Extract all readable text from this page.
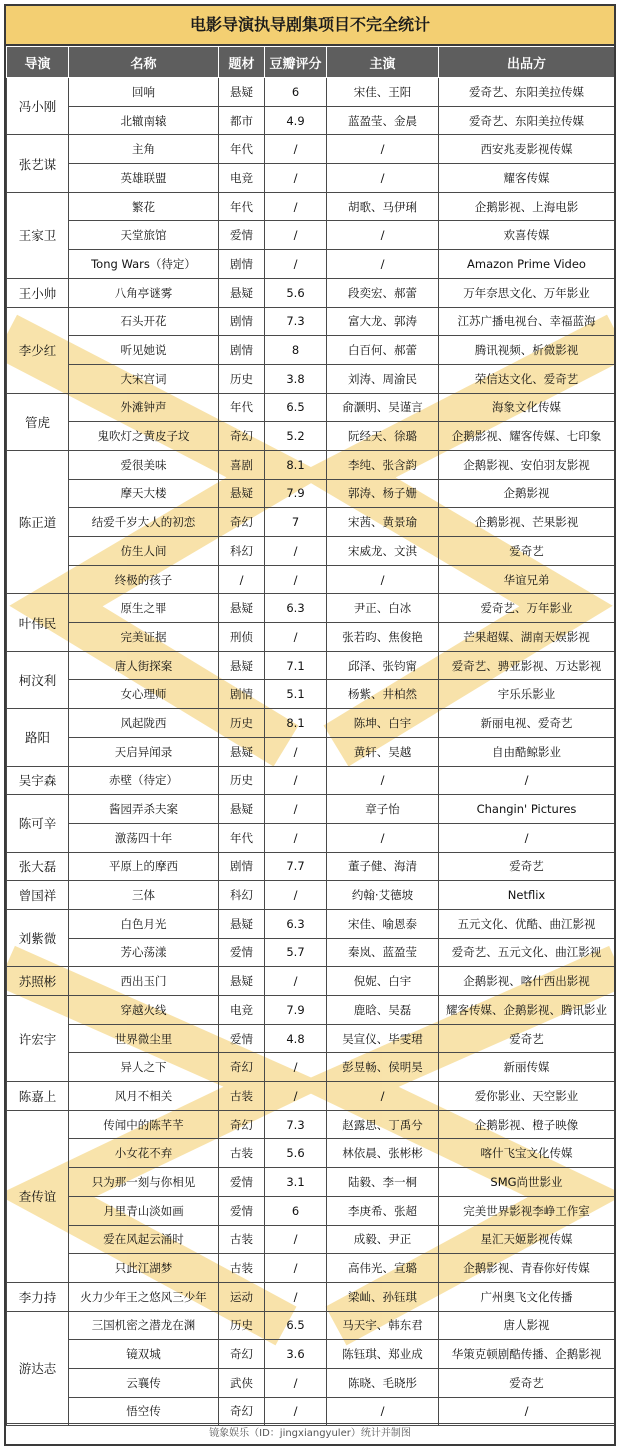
电影导演执导剧集项目不完全统计
导演	名称	题材	豆瓣评分	主演	出品方
冯小刚	回响	悬疑	6	宋佳、王阳	爱奇艺、东阳美拉传媒
	北辙南辕	都市	4.9	蓝盈莹、金晨	爱奇艺、东阳美拉传媒
张艺谋	主角	年代	/	/	西安兆麦影视传媒
	英雄联盟	电竞	/	/	耀客传媒
王家卫	繁花	年代	/	胡歌、马伊琍	企鹅影视、上海电影
	天堂旅馆	爱情	/	/	欢喜传媒
	Tong Wars（待定）	剧情	/	/	Amazon Prime Video
王小帅	八角亭谜雾	悬疑	5.6	段奕宏、郝蕾	万年奈思文化、万年影业
李少红	石头开花	剧情	7.3	富大龙、郭涛	江苏广播电视台、幸福蓝海
	听见她说	剧情	8	白百何、郝蕾	腾讯视频、析微影视
	大宋宫词	历史	3.8	刘涛、周渝民	荣信达文化、爱奇艺
管虎	外滩钟声	年代	6.5	俞灏明、吴谨言	海象文化传媒
	鬼吹灯之黄皮子坟	奇幻	5.2	阮经天、徐璐	企鹅影视、耀客传媒、七印象
陈正道	爱很美味	喜剧	8.1	李纯、张含韵	企鹅影视、安伯羽友影视
	摩天大楼	悬疑	7.9	郭涛、杨子姗	企鹅影视
	结爱千岁大人的初恋	奇幻	7	宋茜、黄景瑜	企鹅影视、芒果影视
	仿生人间	科幻	/	宋威龙、文淇	爱奇艺
	终极的孩子	/	/	/	华谊兄弟
叶伟民	原生之罪	悬疑	6.3	尹正、白冰	爱奇艺、万年影业
	完美证据	刑侦	/	张若昀、焦俊艳	芒果超媒、湖南天娱影视
柯汶利	唐人街探案	悬疑	7.1	邱泽、张钧甯	爱奇艺、骋亚影视、万达影视
	女心理师	剧情	5.1	杨紫、井柏然	宇乐乐影业
路阳	风起陇西	历史	8.1	陈坤、白宇	新丽电视、爱奇艺
	天启异闻录	悬疑	/	黄轩、吴越	自由酷鲸影业
吴宇森	赤壁（待定）	历史	/	/	/
陈可辛	酱园弄杀夫案	悬疑	/	章子怡	Changin' Pictures
	激荡四十年	年代	/	/	/
张大磊	平原上的摩西	剧情	7.7	董子健、海清	爱奇艺
曾国祥	三体	科幻	/	约翰·艾德坡	Netflix
刘紫微	白色月光	悬疑	6.3	宋佳、喻恩泰	五元文化、优酷、曲江影视
	芳心荡漾	爱情	5.7	秦岚、蓝盈莹	爱奇艺、五元文化、曲江影视
苏照彬	西出玉门	悬疑	/	倪妮、白宇	企鹅影视、喀什西出影视
许宏宇	穿越火线	电竞	7.9	鹿晗、吴磊	耀客传媒、企鹅影视、腾讯影业
	世界微尘里	爱情	4.8	吴宣仪、毕雯珺	爱奇艺
	异人之下	奇幻	/	彭昱畅、侯明昊	新丽传媒
陈嘉上	风月不相关	古装	/	/	爱你影业、天空影业
查传谊	传闻中的陈芊芊	奇幻	7.3	赵露思、丁禹兮	企鹅影视、橙子映像
	小女花不弃	古装	5.6	林依晨、张彬彬	喀什飞宝文化传媒
	只为那一刻与你相见	爱情	3.1	陆毅、李一桐	SMG尚世影业
	月里青山淡如画	爱情	6	李庚希、张超	完美世界影视李峥工作室
	爱在风起云涌时	古装	/	成毅、尹正	星汇天姬影视传媒
	只此江湖梦	古装	/	高伟光、宣璐	企鹅影视、青春你好传媒
李力持	火力少年王之悠风三少年	运动	/	梁屾、孙钰琪	广州奥飞文化传播
游达志	三国机密之潜龙在渊	历史	6.5	马天宇、韩东君	唐人影视
	镜双城	奇幻	3.6	陈钰琪、郑业成	华策克顿剧酷传播、企鹅影视
	云襄传	武侠	/	陈晓、毛晓彤	爱奇艺
	悟空传	奇幻	/	/	/
镜象娱乐（ID：jingxiangyuler）统计并制图
